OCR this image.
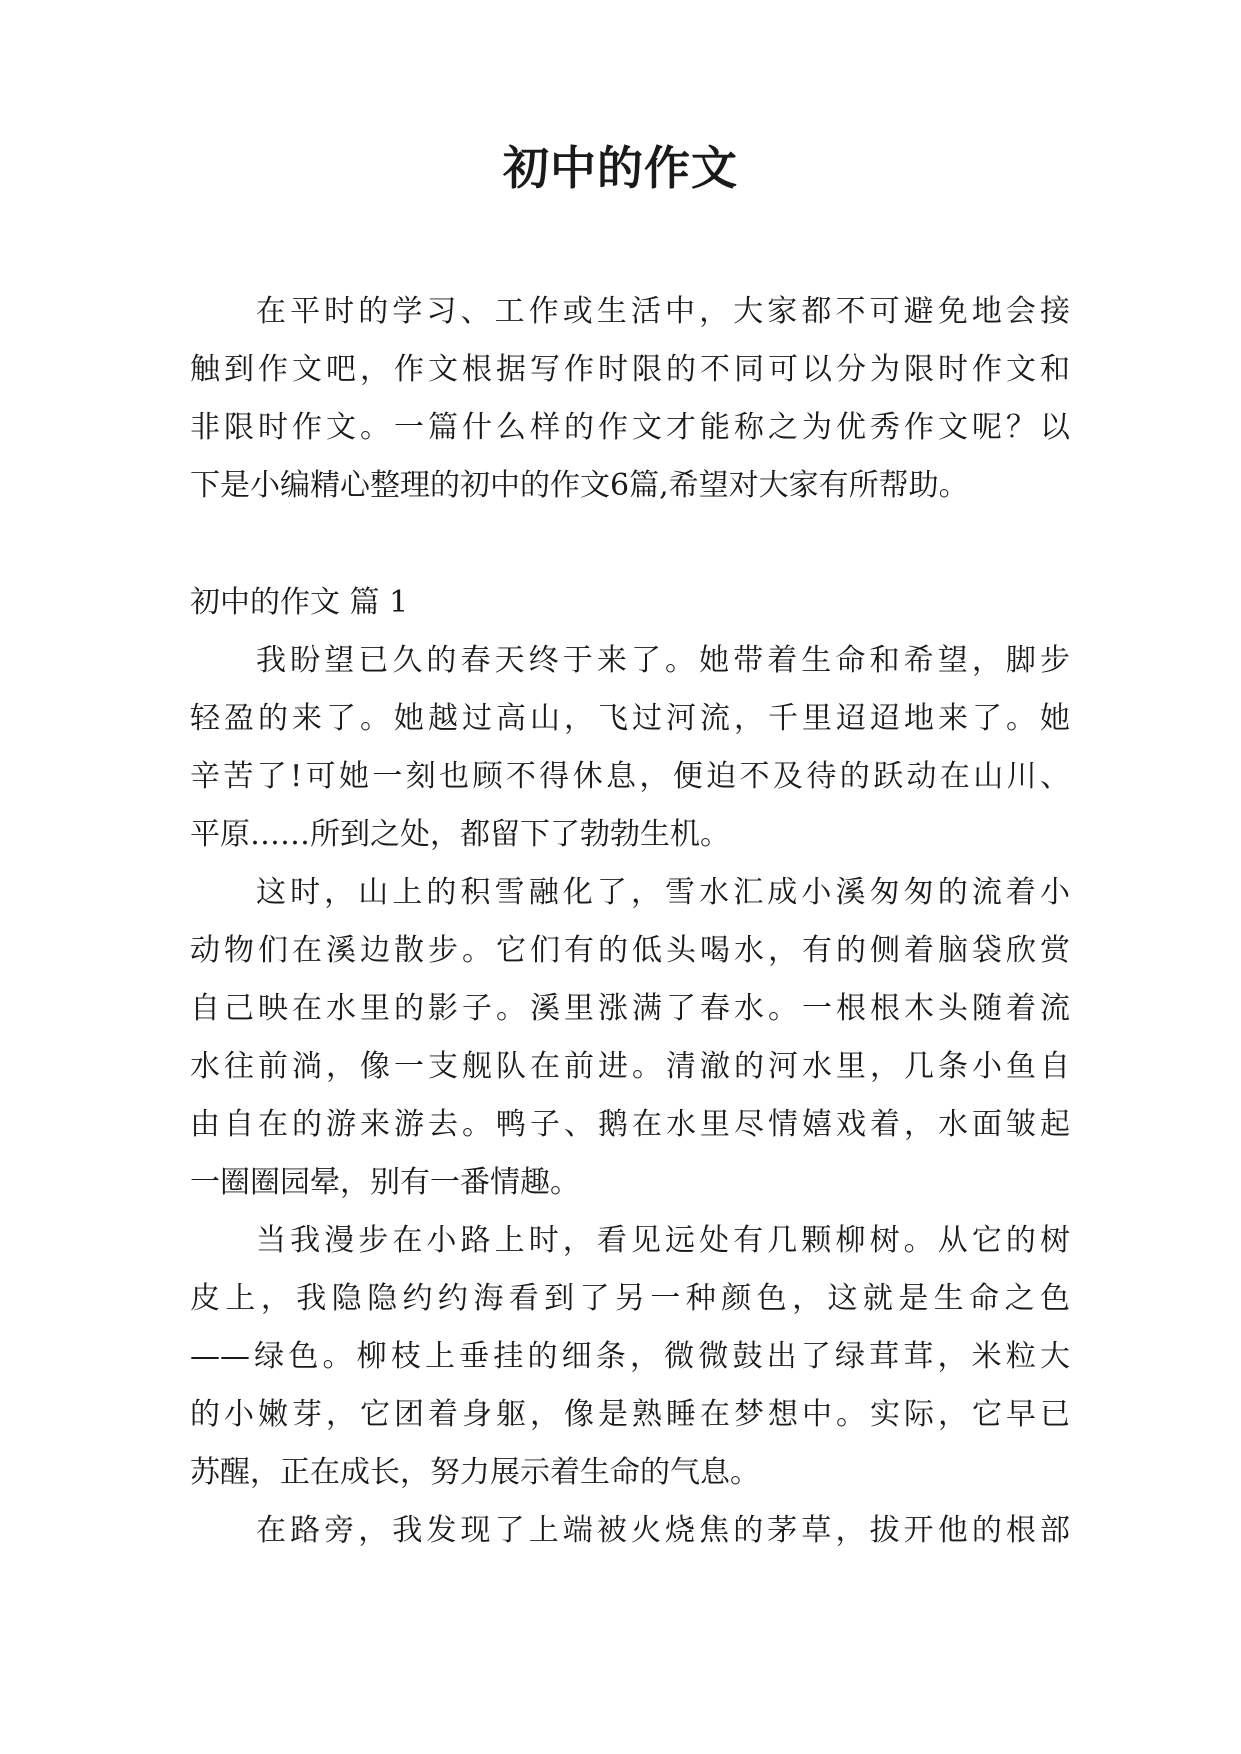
初中的作文
在平时的学习、工作或生活中，大家都不可避免地会接
触到作文吧，作文根据写作时限的不同可以分为限时作文和
非限时作文。一篇什么样的作文才能称之为优秀作文呢？以
下是小编精心整理的初中的作文6篇,希望对大家有所帮助。
初中的作文 篇 1
我盼望已久的春天终于来了。她带着生命和希望，脚步
轻盈的来了。她越过高山，飞过河流，千里迢迢地来了。她
辛苦了!可她一刻也顾不得休息，便迫不及待的跃动在山川、
平原……所到之处，都留下了勃勃生机。
这时，山上的积雪融化了，雪水汇成小溪匆匆的流着小
动物们在溪边散步。它们有的低头喝水，有的侧着脑袋欣赏
自己映在水里的影子。溪里涨满了春水。一根根木头随着流
水往前淌，像一支舰队在前进。清澈的河水里，几条小鱼自
由自在的游来游去。鸭子、鹅在水里尽情嬉戏着，水面皱起
一圈圈园晕，别有一番情趣。
当我漫步在小路上时，看见远处有几颗柳树。从它的树
皮上，我隐隐约约海看到了另一种颜色，这就是生命之色
——绿色。柳枝上垂挂的细条，微微鼓出了绿茸茸，米粒大
的小嫩芽，它团着身躯，像是熟睡在梦想中。实际，它早已
苏醒，正在成长，努力展示着生命的气息。
在路旁，我发现了上端被火烧焦的茅草，拔开他的根部
